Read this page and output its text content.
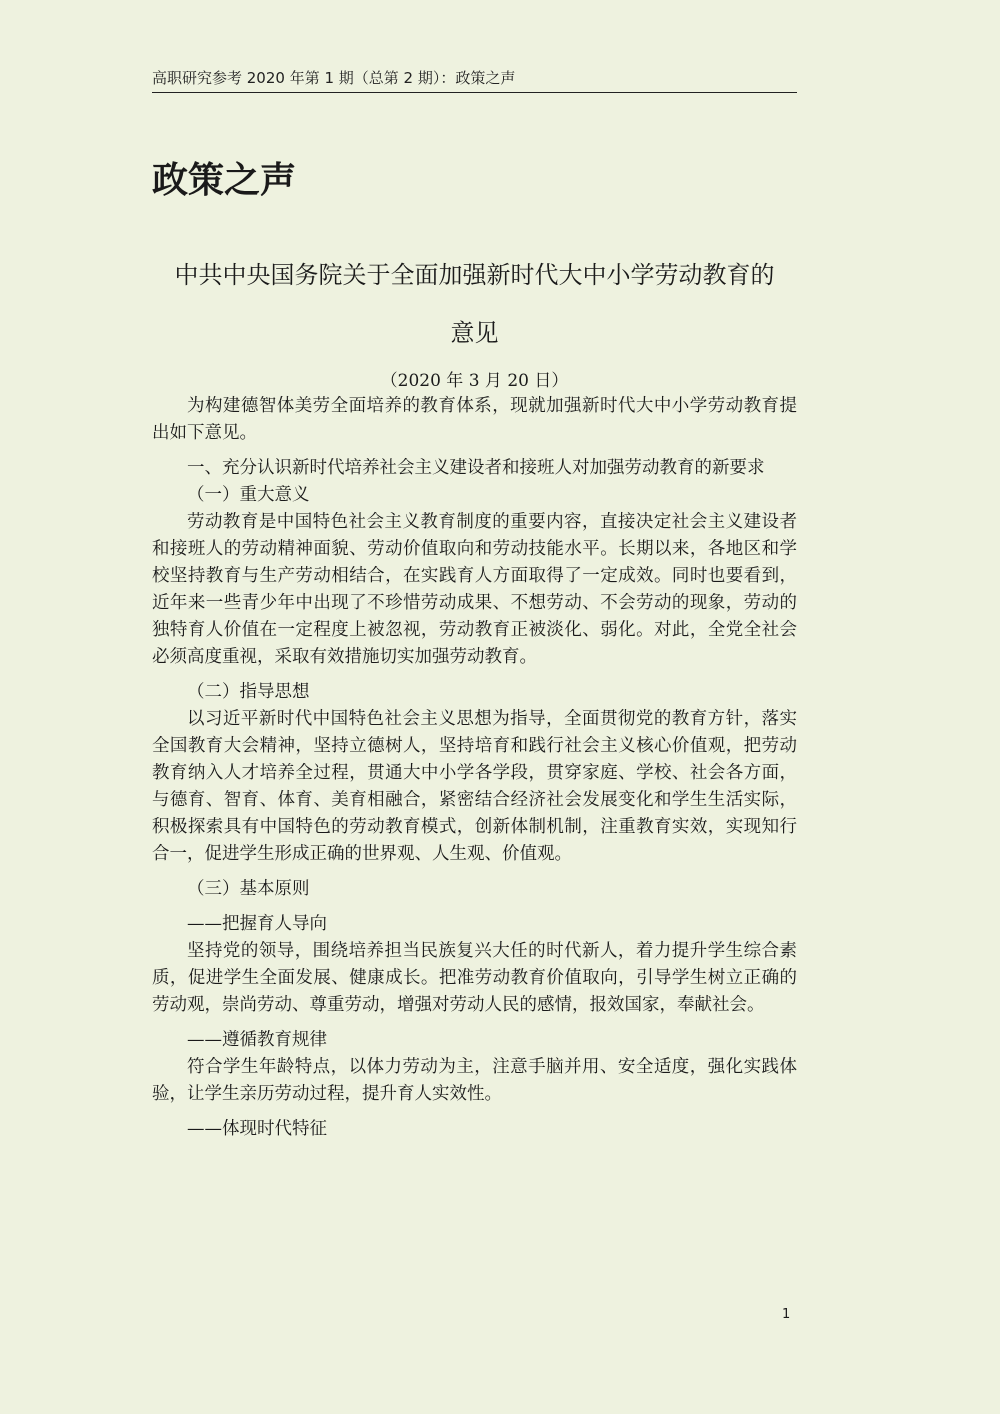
高职研究参考 2020 年第 1 期（总第 2 期）：政策之声
政策之声
中共中央国务院关于全面加强新时代大中小学劳动教育的
意见
（2020 年 3 月 20 日）

为构建德智体美劳全面培养的教育体系，现就加强新时代大中小学劳动教育提出如下意见。

一、充分认识新时代培养社会主义建设者和接班人对加强劳动教育的新要求

（一）重大意义

劳动教育是中国特色社会主义教育制度的重要内容，直接决定社会主义建设者和接班人的劳动精神面貌、劳动价值取向和劳动技能水平。长期以来，各地区和学校坚持教育与生产劳动相结合，在实践育人方面取得了一定成效。同时也要看到，近年来一些青少年中出现了不珍惜劳动成果、不想劳动、不会劳动的现象，劳动的独特育人价值在一定程度上被忽视，劳动教育正被淡化、弱化。对此，全党全社会必须高度重视，采取有效措施切实加强劳动教育。

（二）指导思想

以习近平新时代中国特色社会主义思想为指导，全面贯彻党的教育方针，落实全国教育大会精神，坚持立德树人，坚持培育和践行社会主义核心价值观，把劳动教育纳入人才培养全过程，贯通大中小学各学段，贯穿家庭、学校、社会各方面，与德育、智育、体育、美育相融合，紧密结合经济社会发展变化和学生生活实际，积极探索具有中国特色的劳动教育模式，创新体制机制，注重教育实效，实现知行合一，促进学生形成正确的世界观、人生观、价值观。

（三）基本原则

——把握育人导向

坚持党的领导，围绕培养担当民族复兴大任的时代新人，着力提升学生综合素质，促进学生全面发展、健康成长。把准劳动教育价值取向，引导学生树立正确的劳动观，崇尚劳动、尊重劳动，增强对劳动人民的感情，报效国家，奉献社会。

——遵循教育规律

符合学生年龄特点，以体力劳动为主，注意手脑并用、安全适度，强化实践体验，让学生亲历劳动过程，提升育人实效性。

——体现时代特征

1
